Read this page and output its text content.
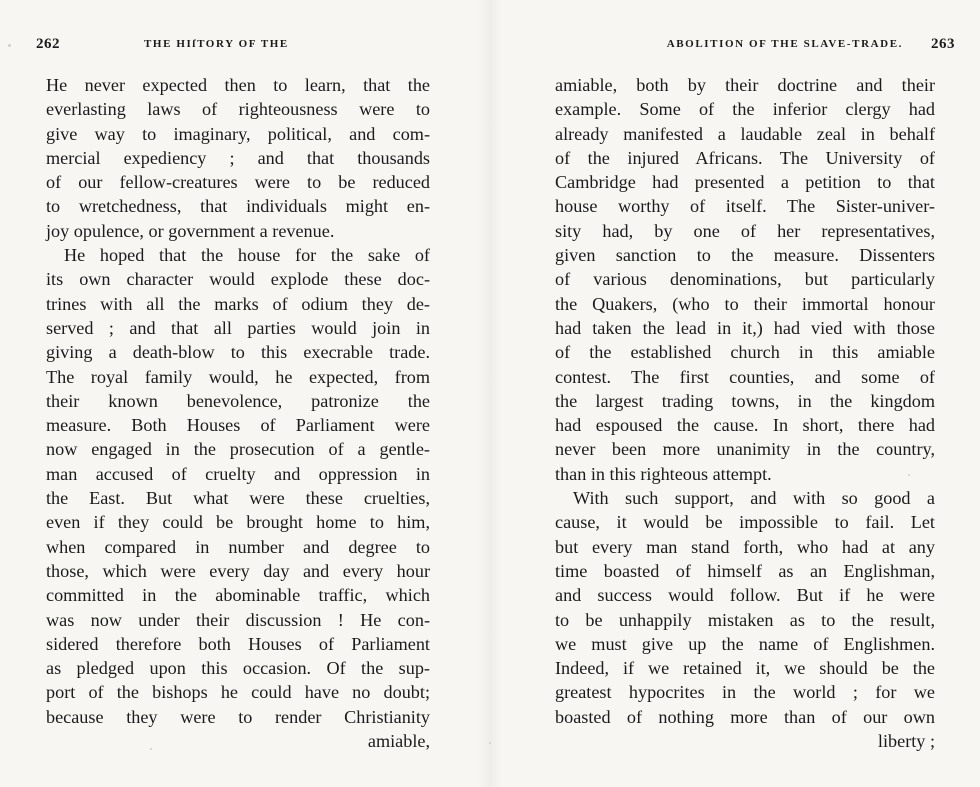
262	THE HIſTORY OF THE
He never expected then to learn, that the
everlasting laws of righteousness were to
give way to imaginary, political, and com-
mercial expediency ; and that thousands
of our fellow-creatures were to be reduced
to wretchedness, that individuals might en-
joy opulence, or government a revenue.
He hoped that the house for the sake of
its own character would explode these doc-
trines with all the marks of odium they de-
served ; and that all parties would join in
giving a death-blow to this execrable trade.
The royal family would, he expected, from
their known benevolence, patronize the
measure. Both Houses of Parliament were
now engaged in the prosecution of a gentle-
man accused of cruelty and oppression in
the East. But what were these cruelties,
even if they could be brought home to him,
when compared in number and degree to
those, which were every day and every hour
committed in the abominable traffic, which
was now under their discussion ! He con-
sidered therefore both Houses of Parliament
as pledged upon this occasion. Of the sup-
port of the bishops he could have no doubt;
because they were to render Christianity
amiable,
ABOLITION OF THE SLAVE-TRADE. 263
amiable, both by their doctrine and their
example. Some of the inferior clergy had
already manifested a laudable zeal in behalf
of the injured Africans. The University of
Cambridge had presented a petition to that
house worthy of itself. The Sister-univer-
sity had, by one of her representatives,
given sanction to the measure. Dissenters
of various denominations, but particularly
the Quakers, (who to their immortal honour
had taken the lead in it,) had vied with those
of the established church in this amiable
contest. The first counties, and some of
the largest trading towns, in the kingdom
had espoused the cause. In short, there had
never been more unanimity in the country,
than in this righteous attempt.
With such support, and with so good a
cause, it would be impossible to fail. Let
but every man stand forth, who had at any
time boasted of himself as an Englishman,
and success would follow. But if he were
to be unhappily mistaken as to the result,
we must give up the name of Englishmen.
Indeed, if we retained it, we should be the
greatest hypocrites in the world ; for we
boasted of nothing more than of our own
liberty ;
